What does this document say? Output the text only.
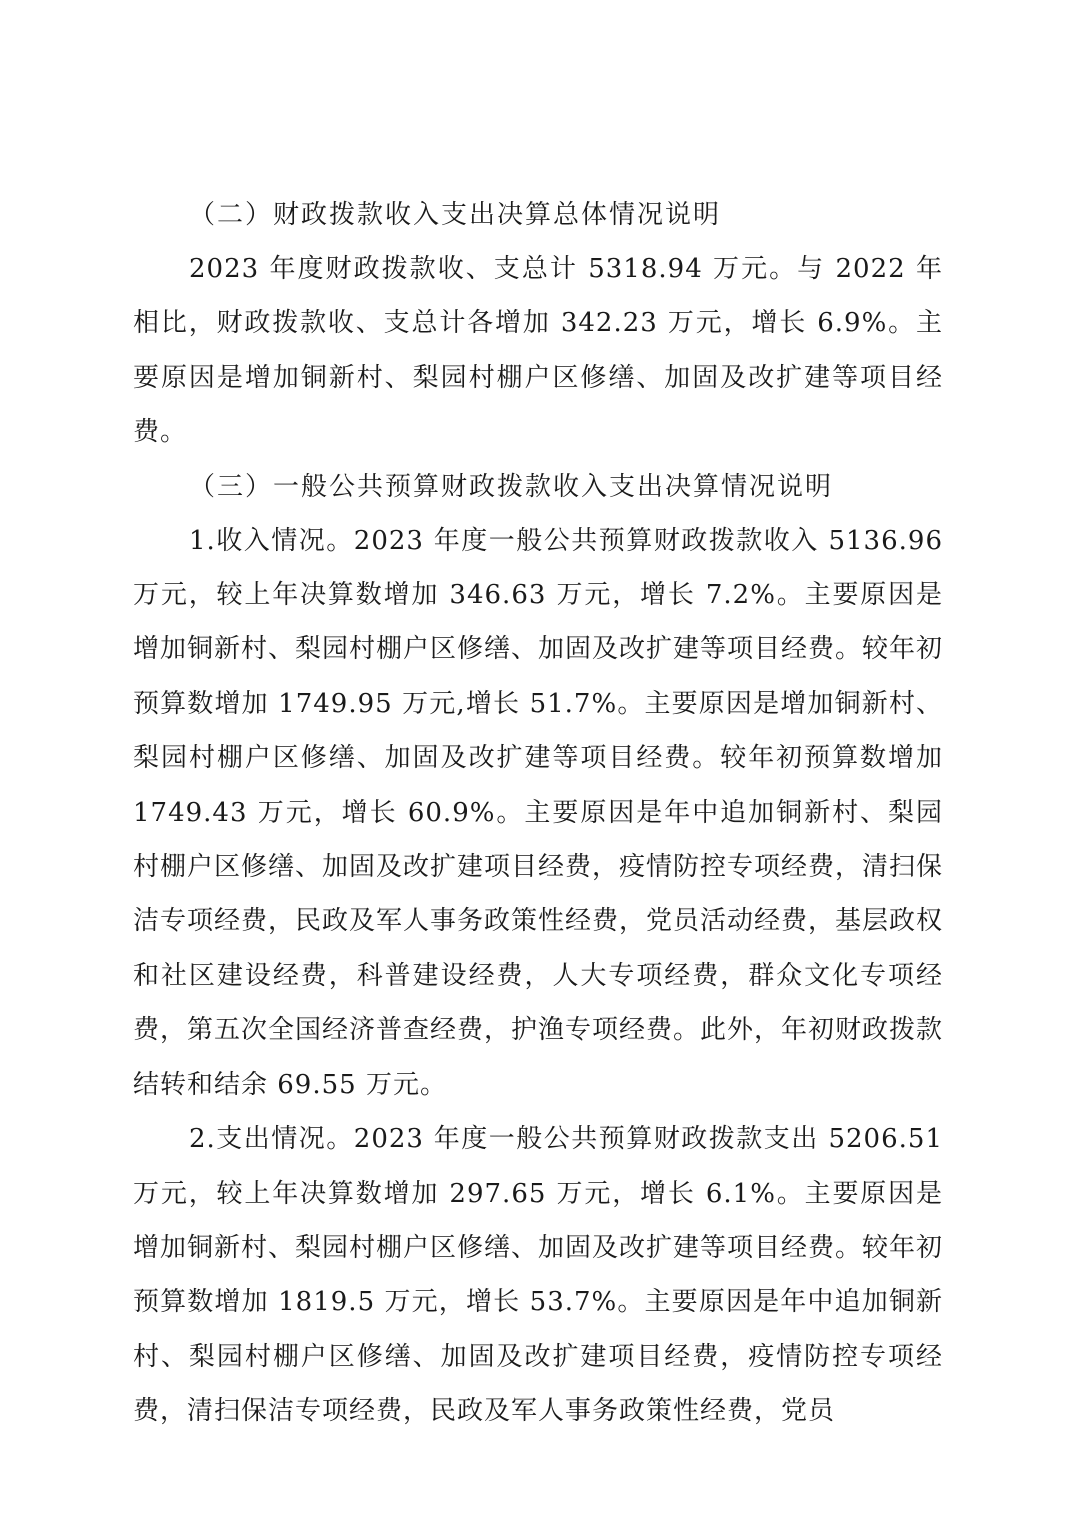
（二）财政拨款收入支出决算总体情况说明

2023 年度财政拨款收、支总计 5318.94 万元。与 2022 年相比，财政拨款收、支总计各增加 342.23 万元，增长 6.9%。主要原因是增加铜新村、梨园村棚户区修缮、加固及改扩建等项目经费。

（三）一般公共预算财政拨款收入支出决算情况说明

1.收入情况。2023 年度一般公共预算财政拨款收入 5136.96 万元，较上年决算数增加 346.63 万元，增长 7.2%。主要原因是增加铜新村、梨园村棚户区修缮、加固及改扩建等项目经费。较年初预算数增加 1749.95 万元,增长 51.7%。主要原因是增加铜新村、梨园村棚户区修缮、加固及改扩建等项目经费。较年初预算数增加 1749.43 万元，增长 60.9%。主要原因是年中追加铜新村、梨园村棚户区修缮、加固及改扩建项目经费，疫情防控专项经费，清扫保洁专项经费，民政及军人事务政策性经费，党员活动经费，基层政权和社区建设经费，科普建设经费，人大专项经费，群众文化专项经费，第五次全国经济普查经费，护渔专项经费。此外，年初财政拨款结转和结余 69.55 万元。

2.支出情况。2023 年度一般公共预算财政拨款支出 5206.51 万元，较上年决算数增加 297.65 万元，增长 6.1%。主要原因是增加铜新村、梨园村棚户区修缮、加固及改扩建等项目经费。较年初预算数增加 1819.5 万元，增长 53.7%。主要原因是年中追加铜新村、梨园村棚户区修缮、加固及改扩建项目经费，疫情防控专项经费，清扫保洁专项经费，民政及军人事务政策性经费，党员
